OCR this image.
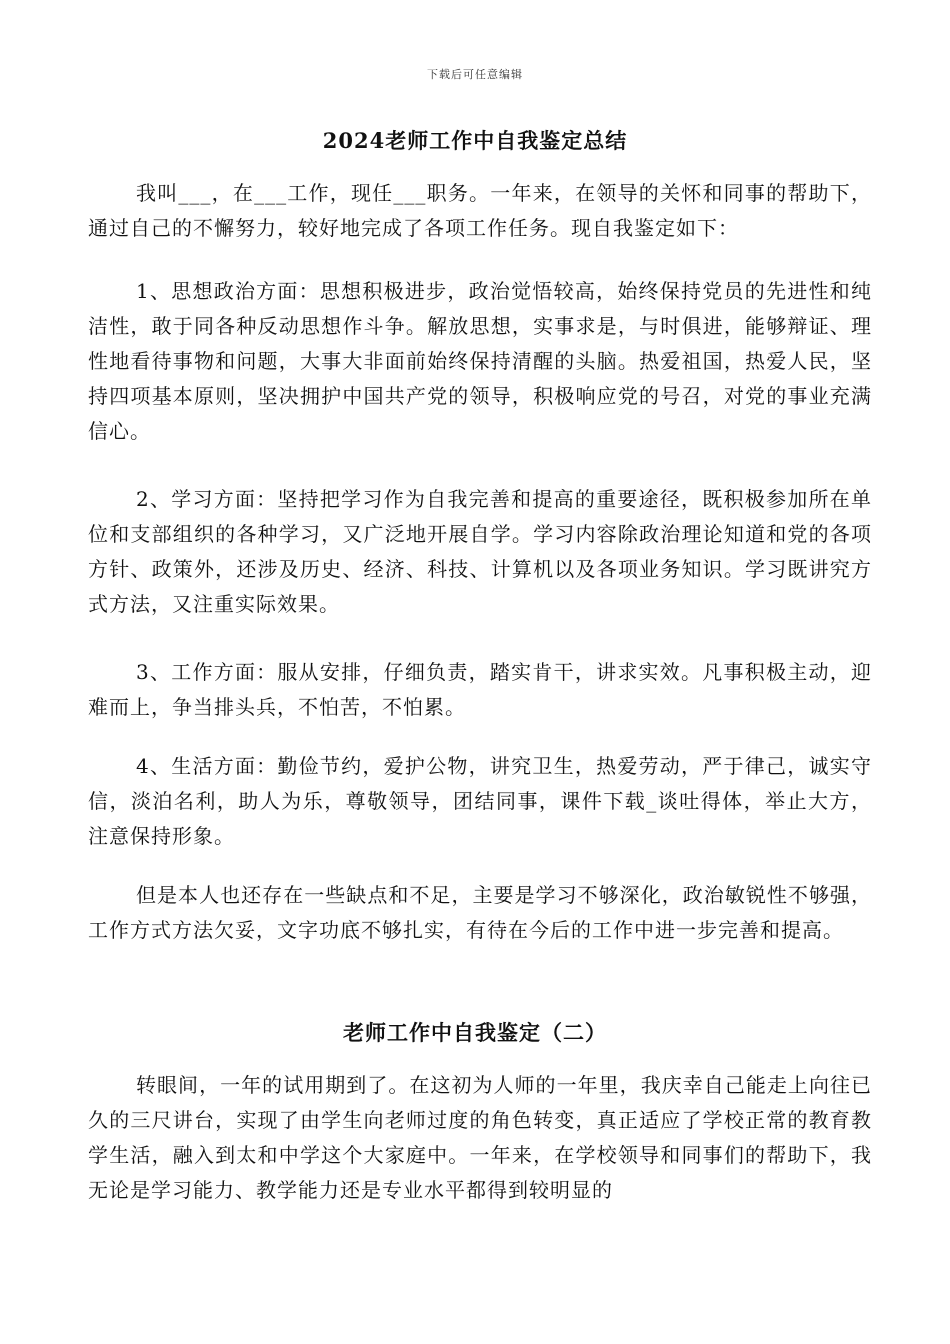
下载后可任意编辑
2024老师工作中自我鉴定总结

我叫___，在___工作，现任___职务。一年来，在领导的关怀和同事的帮助下，通过自己的不懈努力，较好地完成了各项工作任务。现自我鉴定如下：

1、思想政治方面：思想积极进步，政治觉悟较高，始终保持党员的先进性和纯洁性，敢于同各种反动思想作斗争。解放思想，实事求是，与时俱进，能够辩证、理性地看待事物和问题，大事大非面前始终保持清醒的头脑。热爱祖国，热爱人民，坚持四项基本原则，坚决拥护中国共产党的领导，积极响应党的号召，对党的事业充满信心。

2、学习方面：坚持把学习作为自我完善和提高的重要途径，既积极参加所在单位和支部组织的各种学习，又广泛地开展自学。学习内容除政治理论知道和党的各项方针、政策外，还涉及历史、经济、科技、计算机以及各项业务知识。学习既讲究方式方法，又注重实际效果。

3、工作方面：服从安排，仔细负责，踏实肯干，讲求实效。凡事积极主动，迎难而上，争当排头兵，不怕苦，不怕累。

4、生活方面：勤俭节约，爱护公物，讲究卫生，热爱劳动，严于律己，诚实守信，淡泊名利，助人为乐，尊敬领导，团结同事，课件下载_谈吐得体，举止大方，注意保持形象。

但是本人也还存在一些缺点和不足，主要是学习不够深化，政治敏锐性不够强，工作方式方法欠妥，文字功底不够扎实，有待在今后的工作中进一步完善和提高。

老师工作中自我鉴定（二）

转眼间，一年的试用期到了。在这初为人师的一年里，我庆幸自己能走上向往已久的三尺讲台，实现了由学生向老师过度的角色转变，真正适应了学校正常的教育教学生活，融入到太和中学这个大家庭中。一年来，在学校领导和同事们的帮助下，我无论是学习能力、教学能力还是专业水平都得到较明显的
